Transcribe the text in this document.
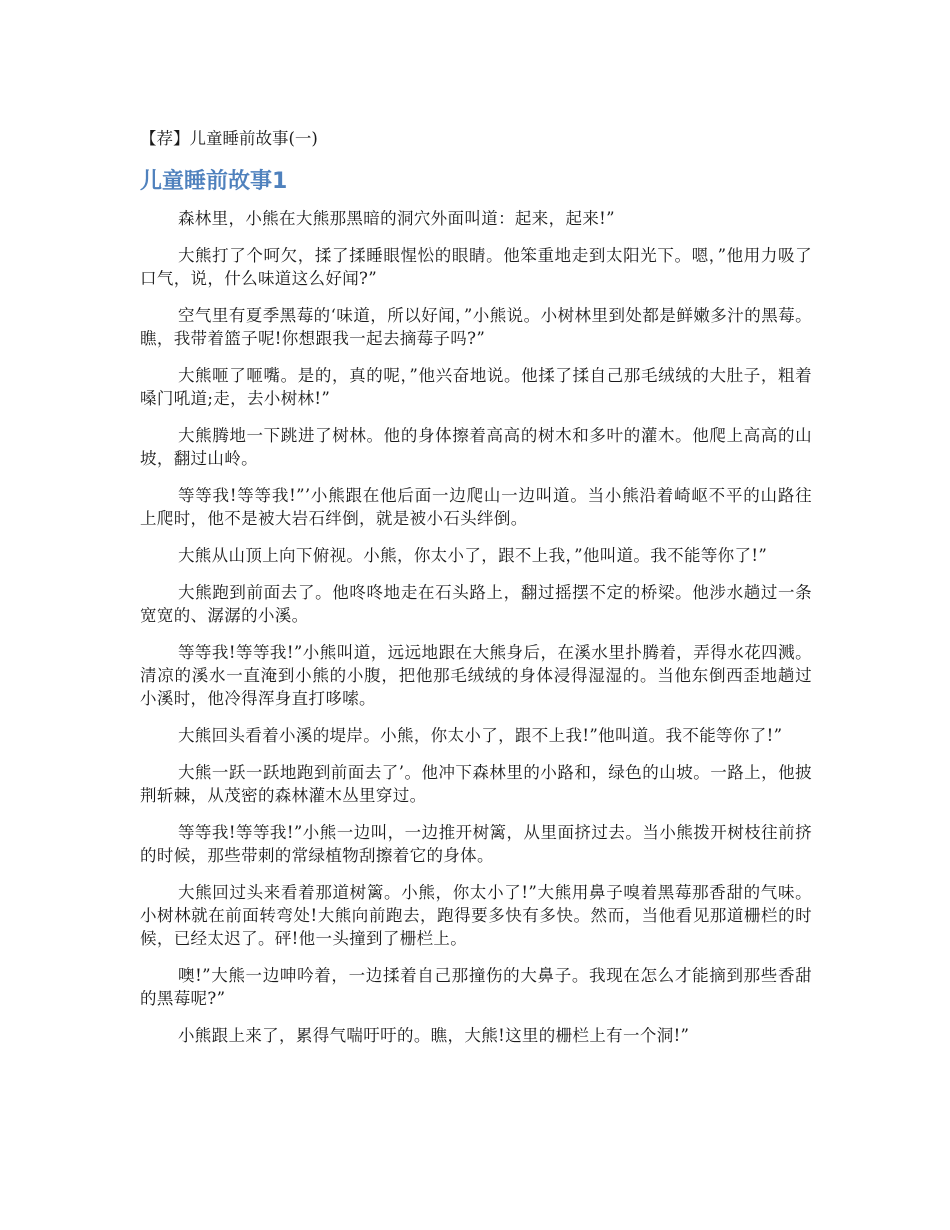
【荐】儿童睡前故事(一)
儿童睡前故事1

森林里，小熊在大熊那黑暗的洞穴外面叫道：起来，起来!”

大熊打了个呵欠，揉了揉睡眼惺忪的眼睛。他笨重地走到太阳光下。嗯，”他用力吸了口气，说，什么味道这么好闻?”

空气里有夏季黑莓的‘味道，所以好闻，”小熊说。小树林里到处都是鲜嫩多汁的黑莓。瞧，我带着篮子呢!你想跟我一起去摘莓子吗?”

大熊咂了咂嘴。是的，真的呢，”他兴奋地说。他揉了揉自己那毛绒绒的大肚子，粗着嗓门吼道;走，去小树林!”

大熊腾地一下跳进了树林。他的身体擦着高高的树木和多叶的灌木。他爬上高高的山坡，翻过山岭。

等等我!等等我!”’小熊跟在他后面一边爬山一边叫道。当小熊沿着崎岖不平的山路往上爬时，他不是被大岩石绊倒，就是被小石头绊倒。

大熊从山顶上向下俯视。小熊，你太小了，跟不上我，”他叫道。我不能等你了!”

大熊跑到前面去了。他咚咚地走在石头路上，翻过摇摆不定的桥梁。他涉水趟过一条宽宽的、潺潺的小溪。

等等我!等等我!”小熊叫道，远远地跟在大熊身后，在溪水里扑腾着，弄得水花四溅。清凉的溪水一直淹到小熊的小腹，把他那毛绒绒的身体浸得湿湿的。当他东倒西歪地趟过小溪时，他冷得浑身直打哆嗦。

大熊回头看着小溪的堤岸。小熊，你太小了，跟不上我!”他叫道。我不能等你了!”

大熊一跃一跃地跑到前面去了’。他冲下森林里的小路和，绿色的山坡。一路上，他披荆斩棘，从茂密的森林灌木丛里穿过。

等等我!等等我!”小熊一边叫，一边推开树篱，从里面挤过去。当小熊拨开树枝往前挤的时候，那些带刺的常绿植物刮擦着它的身体。

大熊回过头来看着那道树篱。小熊，你太小了!”大熊用鼻子嗅着黑莓那香甜的气味。小树林就在前面转弯处!大熊向前跑去，跑得要多快有多快。然而，当他看见那道栅栏的时候，已经太迟了。砰!他一头撞到了栅栏上。

噢!”大熊一边呻吟着，一边揉着自己那撞伤的大鼻子。我现在怎么才能摘到那些香甜的黑莓呢?”

小熊跟上来了，累得气喘吁吁的。瞧，大熊!这里的栅栏上有一个洞!”
